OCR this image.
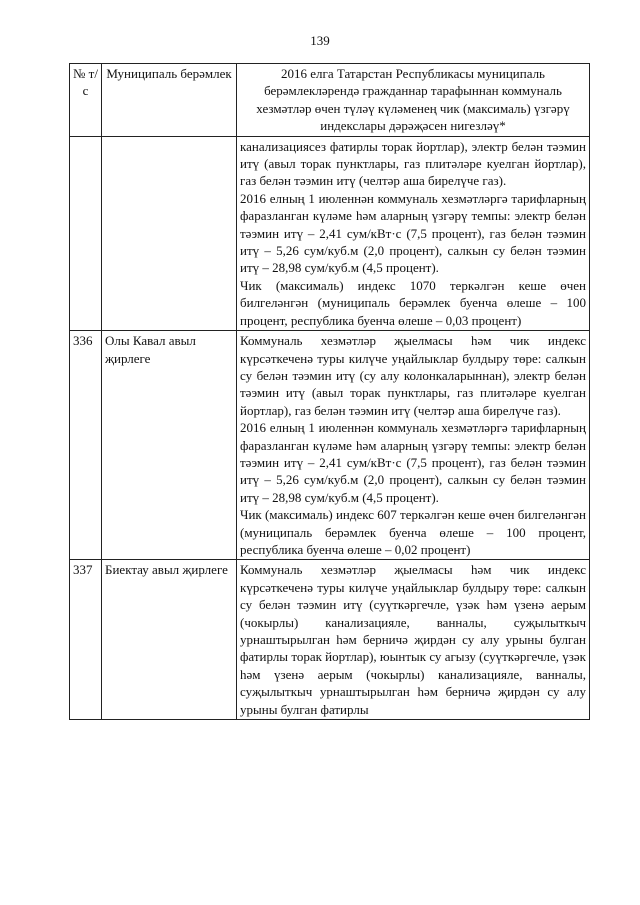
139
№ т/с	Муниципаль берәмлек	2016 елга Татарстан Республикасы муниципаль берәмлекләрендә гражданнар тарафыннан коммуналь хезмәтләр өчен түләү күләменең чик (максималь) үзгәрү индекслары дәрәҗәсен нигезләү*

		канализациясез фатирлы торак йортлар), электр белән тәэмин итү (авыл торак пунктлары, газ плитәләре куелган йортлар), газ белән тәэмин итү (челтәр аша бирелүче газ).
2016 елның 1 июленнән коммуналь хезмәтләргә тарифларның фаразланган күләме һәм аларның үзгәрү темпы: электр белән тәэмин итү – 2,41 сум/кВт·с (7,5 процент), газ белән тәэмин итү – 5,26 сум/куб.м (2,0 процент), салкын су белән тәэмин итү – 28,98 сум/куб.м (4,5 процент).
Чик (максималь) индекс 1070 теркәлгән кеше өчен билгеләнгән (муниципаль берәмлек буенча өлеше – 100 процент, республика буенча өлеше – 0,03 процент)

336	Олы Кавал авыл җирлеге	Коммуналь хезмәтләр җыелмасы һәм чик индекс күрсәткеченә туры килүче уңайлыклар булдыру төре: салкын су белән тәэмин итү (су алу колонкаларыннан), электр белән тәэмин итү (авыл торак пунктлары, газ плитәләре куелган йортлар), газ белән тәэмин итү (челтәр аша бирелүче газ).
2016 елның 1 июленнән коммуналь хезмәтләргә тарифларның фаразланган күләме һәм аларның үзгәрү темпы: электр белән тәэмин итү – 2,41 сум/кВт·с (7,5 процент), газ белән тәэмин итү – 5,26 сум/куб.м (2,0 процент), салкын су белән тәэмин итү – 28,98 сум/куб.м (4,5 процент).
Чик (максималь) индекс 607 теркәлгән кеше өчен билгеләнгән (муниципаль берәмлек буенча өлеше – 100 процент, республика буенча өлеше – 0,02 процент)

337	Биектау авыл җирлеге	Коммуналь хезмәтләр җыелмасы һәм чик индекс күрсәткеченә туры килүче уңайлыклар булдыру төре: салкын су белән тәэмин итү (суүткәргечле, үзәк һәм үзенә аерым (чокырлы) канализацияле, ванналы, суҗылыткыч урнаштырылган һәм берничә җирдән су алу урыны булган фатирлы торак йортлар), юынтык су агызу (суүткәргечле, үзәк һәм үзенә аерым (чокырлы) канализацияле, ванналы, суҗылыткыч урнаштырылган һәм берничә җирдән су алу урыны булган фатирлы
